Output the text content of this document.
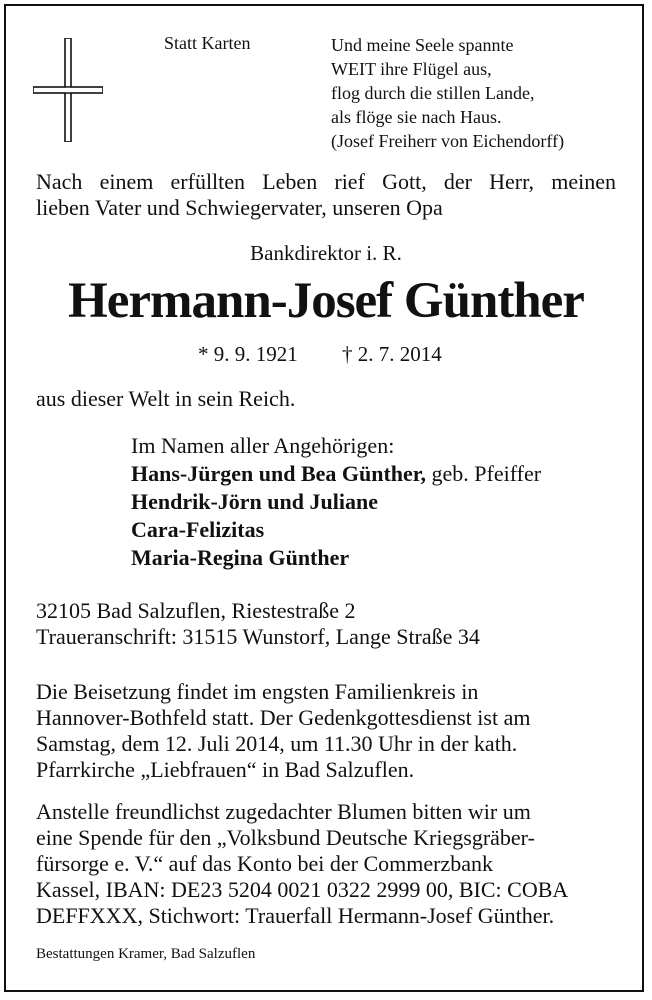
Statt Karten	Und meine Seele spannte
WEIT ihre Flügel aus,
flog durch die stillen Lande,
als flöge sie nach Haus.
(Josef Freiherr von Eichendorff)
Nach einem erfüllten Leben rief Gott, der Herr, meinen
lieben Vater und Schwiegervater, unseren Opa
Bankdirektor i. R.
Hermann-Josef Günther
* 9. 9. 1921 † 2. 7. 2014
aus dieser Welt in sein Reich.
Im Namen aller Angehörigen:
Hans-Jürgen und Bea Günther, geb. Pfeiffer
Hendrik-Jörn und Juliane
Cara-Felizitas
Maria-Regina Günther
32105 Bad Salzuflen, Riestestraße 2
Traueranschrift: 31515 Wunstorf, Lange Straße 34
Die Beisetzung findet im engsten Familienkreis in
Hannover-Bothfeld statt. Der Gedenkgottesdienst ist am
Samstag, dem 12. Juli 2014, um 11.30 Uhr in der kath.
Pfarrkirche „Liebfrauen“ in Bad Salzuflen.
Anstelle freundlichst zugedachter Blumen bitten wir um
eine Spende für den „Volksbund Deutsche Kriegsgräber-
fürsorge e. V.“ auf das Konto bei der Commerzbank
Kassel, IBAN: DE23 5204 0021 0322 2999 00, BIC: COBA
DEFFXXX, Stichwort: Trauerfall Hermann-Josef Günther.
Bestattungen Kramer, Bad Salzuflen
